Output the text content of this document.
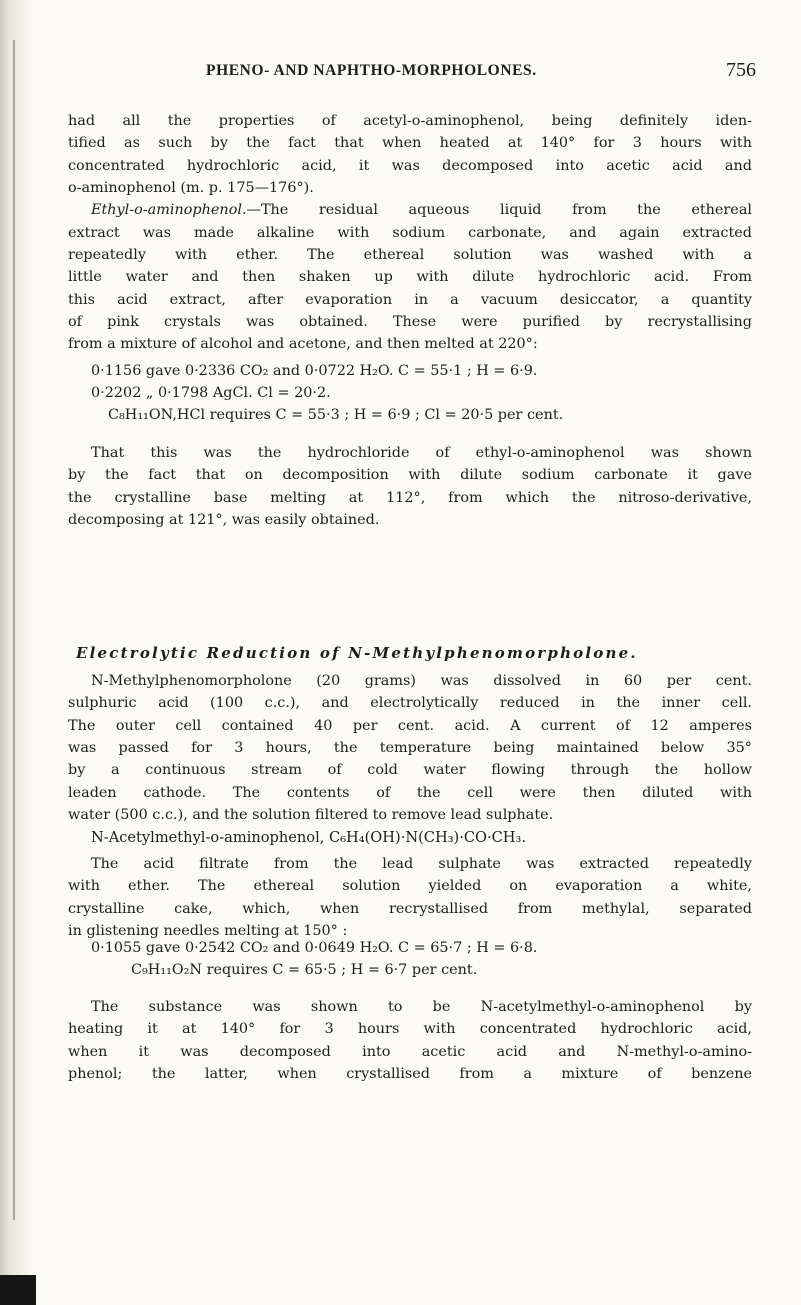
PHENO- AND NAPHTHO-MORPHOLONES.	756
had all the properties of acetyl-o-aminophenol, being definitely iden-
tified as such by the fact that when heated at 140° for 3 hours with
concentrated hydrochloric acid, it was decomposed into acetic acid and
o-aminophenol (m. p. 175—176°).
Ethyl-o-aminophenol.—The residual aqueous liquid from the ethereal
extract was made alkaline with sodium carbonate, and again extracted
repeatedly with ether. The ethereal solution was washed with a
little water and then shaken up with dilute hydrochloric acid. From
this acid extract, after evaporation in a vacuum desiccator, a quantity
of pink crystals was obtained. These were purified by recrystallising
from a mixture of alcohol and acetone, and then melted at 220°:
0·1156 gave 0·2336 CO₂ and 0·0722 H₂O. C = 55·1 ; H = 6·9.
0·2202 „ 0·1798 AgCl. Cl = 20·2.
C₈H₁₁ON,HCl requires C = 55·3 ; H = 6·9 ; Cl = 20·5 per cent.
That this was the hydrochloride of ethyl-o-aminophenol was shown
by the fact that on decomposition with dilute sodium carbonate it gave
the crystalline base melting at 112°, from which the nitroso-derivative,
decomposing at 121°, was easily obtained.
Electrolytic Reduction of N-Methylphenomorpholone.
N-Methylphenomorpholone (20 grams) was dissolved in 60 per cent.
sulphuric acid (100 c.c.), and electrolytically reduced in the inner cell.
The outer cell contained 40 per cent. acid. A current of 12 amperes
was passed for 3 hours, the temperature being maintained below 35°
by a continuous stream of cold water flowing through the hollow
leaden cathode. The contents of the cell were then diluted with
water (500 c.c.), and the solution filtered to remove lead sulphate.
N-Acetylmethyl-o-aminophenol, C₆H₄(OH)·N(CH₃)·CO·CH₃.
The acid filtrate from the lead sulphate was extracted repeatedly
with ether. The ethereal solution yielded on evaporation a white,
crystalline cake, which, when recrystallised from methylal, separated
in glistening needles melting at 150° :
0·1055 gave 0·2542 CO₂ and 0·0649 H₂O. C = 65·7 ; H = 6·8.
C₉H₁₁O₂N requires C = 65·5 ; H = 6·7 per cent.
The substance was shown to be N-acetylmethyl-o-aminophenol by
heating it at 140° for 3 hours with concentrated hydrochloric acid,
when it was decomposed into acetic acid and N-methyl-o-amino-
phenol; the latter, when crystallised from a mixture of benzene
